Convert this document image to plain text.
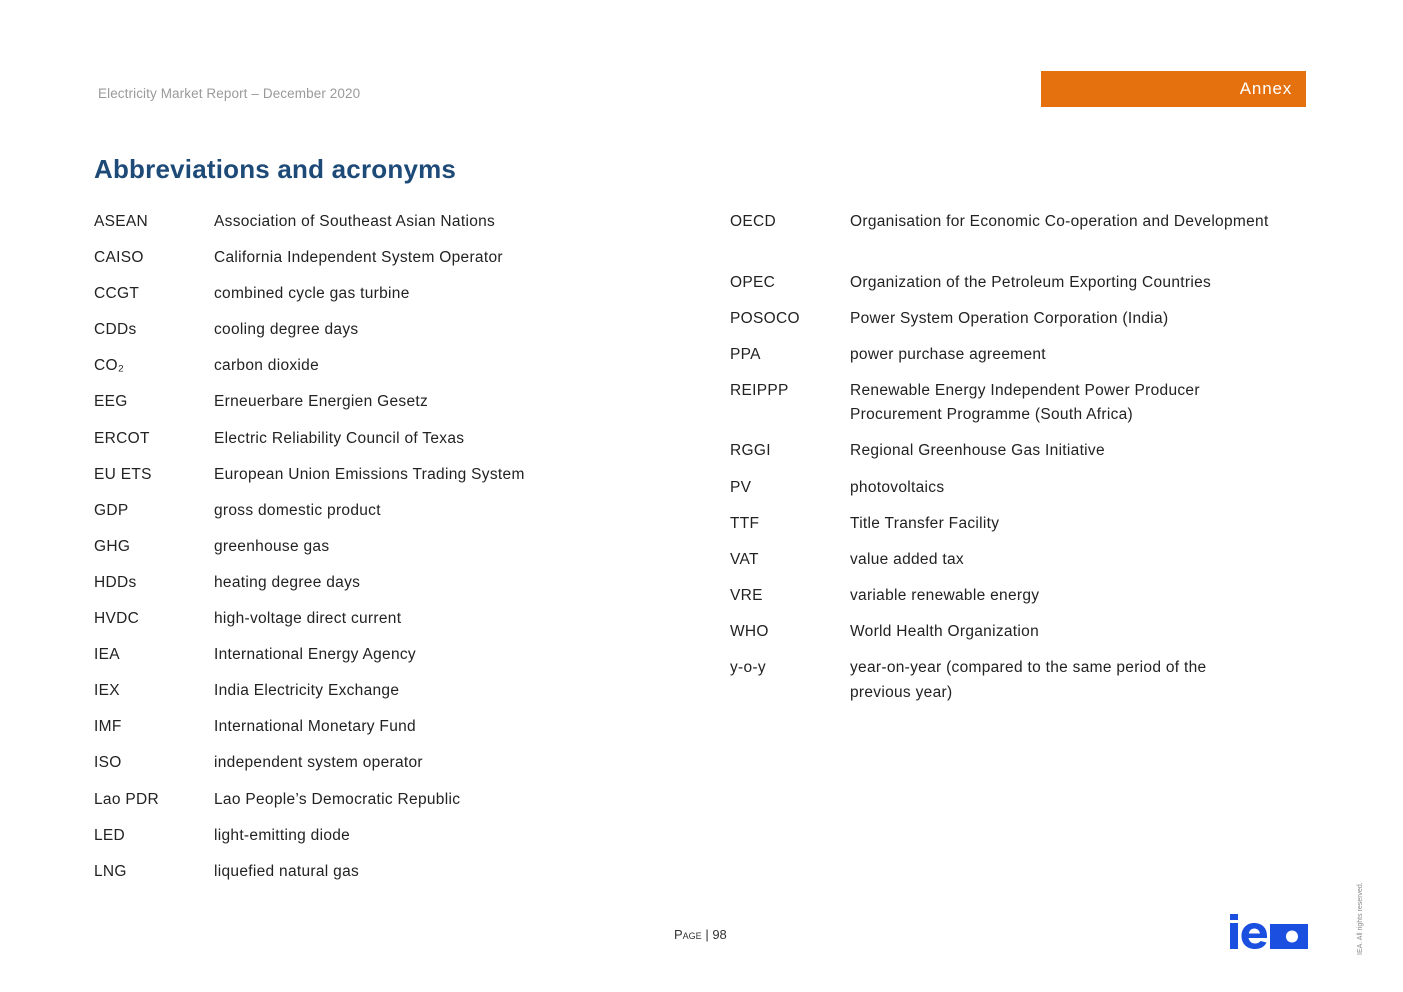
Electricity Market Report – December 2020	Annex
Abbreviations and acronyms
ASEAN	Association of Southeast Asian Nations
CAISO	California Independent System Operator
CCGT	combined cycle gas turbine
CDDs	cooling degree days
CO₂	carbon dioxide
EEG	Erneuerbare Energien Gesetz
ERCOT	Electric Reliability Council of Texas
EU ETS	European Union Emissions Trading System
GDP	gross domestic product
GHG	greenhouse gas
HDDs	heating degree days
HVDC	high-voltage direct current
IEA	International Energy Agency
IEX	India Electricity Exchange
IMF	International Monetary Fund
ISO	independent system operator
Lao PDR	Lao People’s Democratic Republic
LED	light-emitting diode
LNG	liquefied natural gas
OECD	Organisation for Economic Co-operation and Development
OPEC	Organization of the Petroleum Exporting Countries
POSOCO	Power System Operation Corporation (India)
PPA	power purchase agreement
REIPPP	Renewable Energy Independent Power Producer Procurement Programme (South Africa)
RGGI	Regional Greenhouse Gas Initiative
PV	photovoltaics
TTF	Title Transfer Facility
VAT	value added tax
VRE	variable renewable energy
WHO	World Health Organization
y-o-y	year-on-year (compared to the same period of the previous year)
Page | 98	IEA. All rights reserved.
